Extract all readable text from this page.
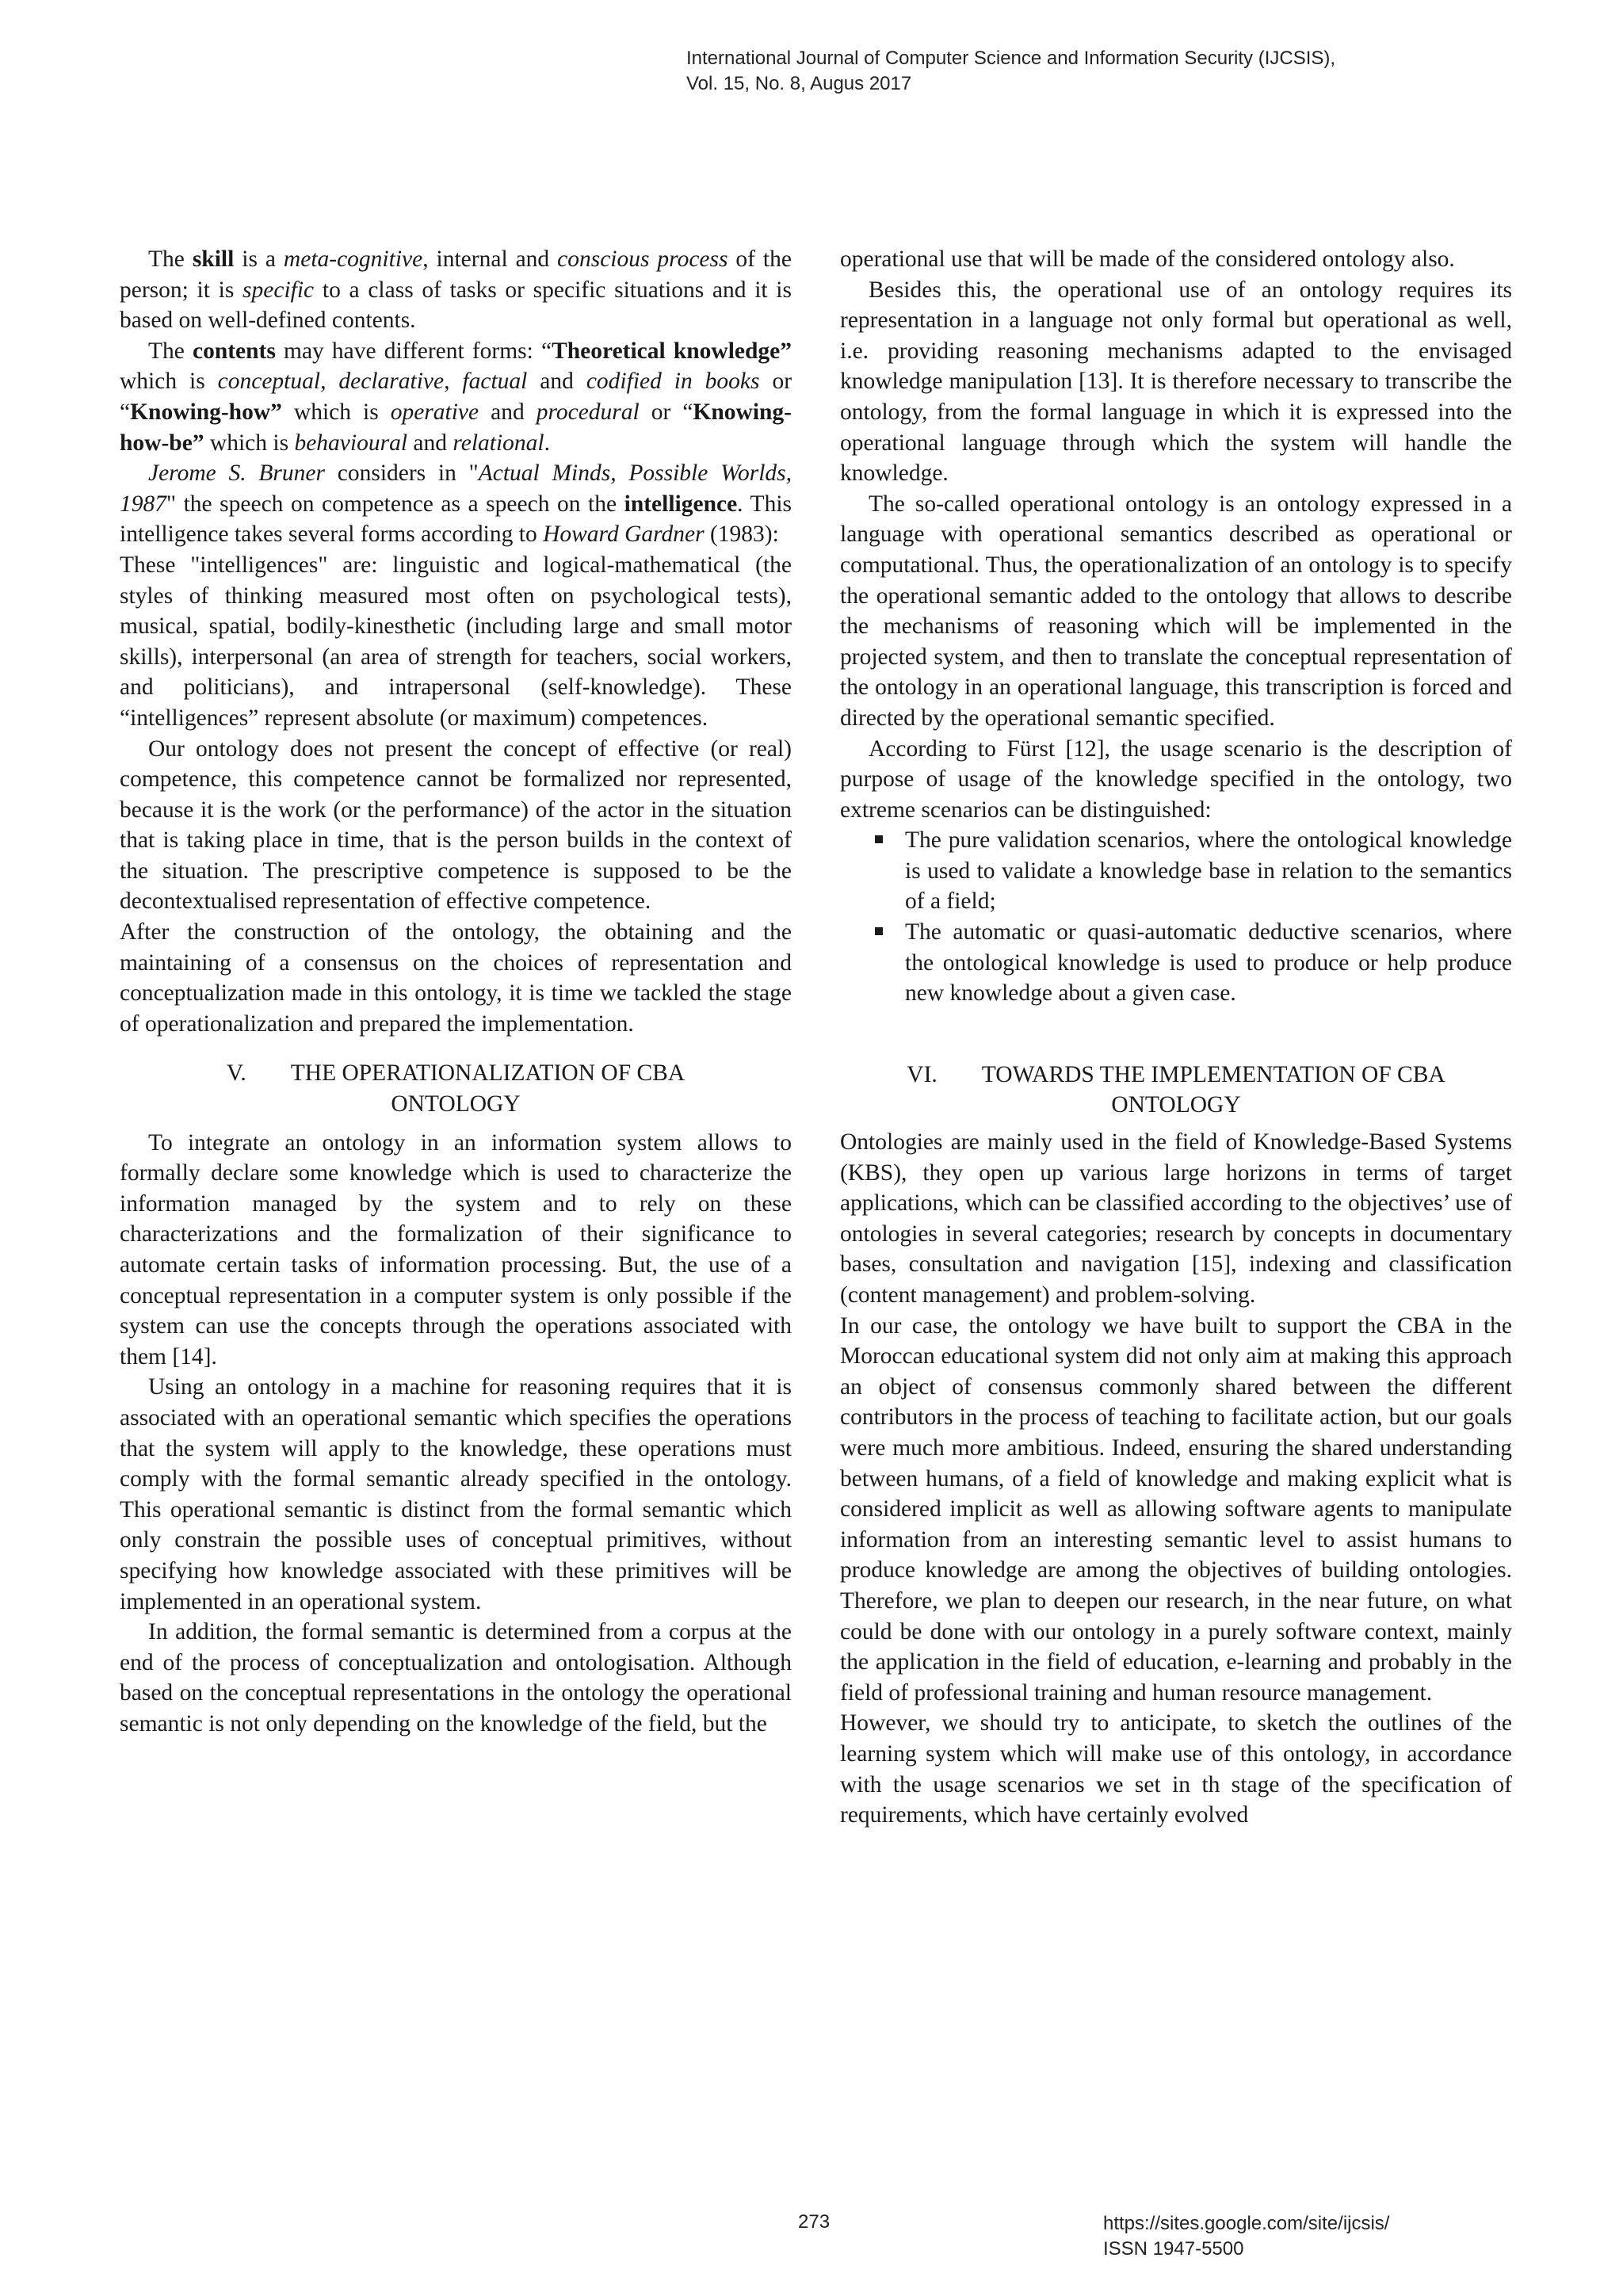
International Journal of Computer Science and Information Security (IJCSIS),
Vol. 15, No. 8, Augus 2017

The skill is a meta-cognitive, internal and conscious process of the person; it is specific to a class of tasks or specific situations and it is based on well-defined contents.

The contents may have different forms: “Theoretical knowledge” which is conceptual, declarative, factual and codified in books or “Knowing-how” which is operative and procedural or “Knowing-how-be” which is behavioural and relational.

Jerome S. Bruner considers in "Actual Minds, Possible Worlds, 1987" the speech on competence as a speech on the intelligence. This intelligence takes several forms according to Howard Gardner (1983):

These "intelligences" are: linguistic and logical-mathematical (the styles of thinking measured most often on psychological tests), musical, spatial, bodily-kinesthetic (including large and small motor skills), interpersonal (an area of strength for teachers, social workers, and politicians), and intrapersonal (self-knowledge). These “intelligences” represent absolute (or maximum) competences.

Our ontology does not present the concept of effective (or real) competence, this competence cannot be formalized nor represented, because it is the work (or the performance) of the actor in the situation that is taking place in time, that is the person builds in the context of the situation. The prescriptive competence is supposed to be the decontextualised representation of effective competence.

After the construction of the ontology, the obtaining and the maintaining of a consensus on the choices of representation and conceptualization made in this ontology, it is time we tackled the stage of operationalization and prepared the implementation.

V. THE OPERATIONALIZATION OF CBA
ONTOLOGY

To integrate an ontology in an information system allows to formally declare some knowledge which is used to characterize the information managed by the system and to rely on these characterizations and the formalization of their significance to automate certain tasks of information processing. But, the use of a conceptual representation in a computer system is only possible if the system can use the concepts through the operations associated with them [14].

Using an ontology in a machine for reasoning requires that it is associated with an operational semantic which specifies the operations that the system will apply to the knowledge, these operations must comply with the formal semantic already specified in the ontology. This operational semantic is distinct from the formal semantic which only constrain the possible uses of conceptual primitives, without specifying how knowledge associated with these primitives will be implemented in an operational system.

In addition, the formal semantic is determined from a corpus at the end of the process of conceptualization and ontologisation. Although based on the conceptual representations in the ontology the operational semantic is not only depending on the knowledge of the field, but the

operational use that will be made of the considered ontology also.

Besides this, the operational use of an ontology requires its representation in a language not only formal but operational as well, i.e. providing reasoning mechanisms adapted to the envisaged knowledge manipulation [13]. It is therefore necessary to transcribe the ontology, from the formal language in which it is expressed into the operational language through which the system will handle the knowledge.

The so-called operational ontology is an ontology expressed in a language with operational semantics described as operational or computational. Thus, the operationalization of an ontology is to specify the operational semantic added to the ontology that allows to describe the mechanisms of reasoning which will be implemented in the projected system, and then to translate the conceptual representation of the ontology in an operational language, this transcription is forced and directed by the operational semantic specified.

According to Fürst [12], the usage scenario is the description of purpose of usage of the knowledge specified in the ontology, two extreme scenarios can be distinguished:

The pure validation scenarios, where the ontological knowledge is used to validate a knowledge base in relation to the semantics of a field;
The automatic or quasi-automatic deductive scenarios, where the ontological knowledge is used to produce or help produce new knowledge about a given case.

VI. TOWARDS THE IMPLEMENTATION OF CBA
ONTOLOGY

Ontologies are mainly used in the field of Knowledge-Based Systems (KBS), they open up various large horizons in terms of target applications, which can be classified according to the objectives’ use of ontologies in several categories; research by concepts in documentary bases, consultation and navigation [15], indexing and classification (content management) and problem-solving.

In our case, the ontology we have built to support the CBA in the Moroccan educational system did not only aim at making this approach an object of consensus commonly shared between the different contributors in the process of teaching to facilitate action, but our goals were much more ambitious. Indeed, ensuring the shared understanding between humans, of a field of knowledge and making explicit what is considered implicit as well as allowing software agents to manipulate information from an interesting semantic level to assist humans to produce knowledge are among the objectives of building ontologies. Therefore, we plan to deepen our research, in the near future, on what could be done with our ontology in a purely software context, mainly the application in the field of education, e-learning and probably in the field of professional training and human resource management.

However, we should try to anticipate, to sketch the outlines of the learning system which will make use of this ontology, in accordance with the usage scenarios we set in th stage of the specification of requirements, which have certainly evolved

273	https://sites.google.com/site/ijcsis/
ISSN 1947-5500
